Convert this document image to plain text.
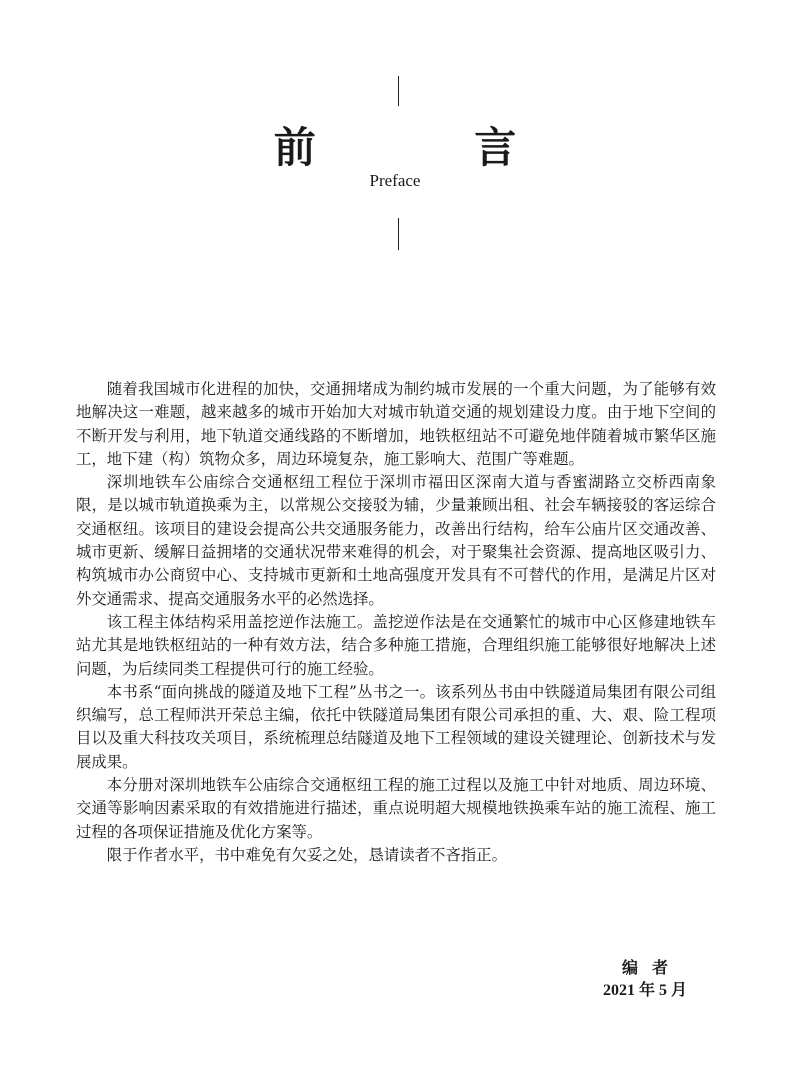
前 言
Preface

随着我国城市化进程的加快，交通拥堵成为制约城市发展的一个重大问题，为了能够有效地解决这一难题，越来越多的城市开始加大对城市轨道交通的规划建设力度。由于地下空间的不断开发与利用，地下轨道交通线路的不断增加，地铁枢纽站不可避免地伴随着城市繁华区施工，地下建（构）筑物众多，周边环境复杂，施工影响大、范围广等难题。

深圳地铁车公庙综合交通枢纽工程位于深圳市福田区深南大道与香蜜湖路立交桥西南象限，是以城市轨道换乘为主，以常规公交接驳为辅，少量兼顾出租、社会车辆接驳的客运综合交通枢纽。该项目的建设会提高公共交通服务能力，改善出行结构，给车公庙片区交通改善、城市更新、缓解日益拥堵的交通状况带来难得的机会，对于聚集社会资源、提高地区吸引力、构筑城市办公商贸中心、支持城市更新和土地高强度开发具有不可替代的作用，是满足片区对外交通需求、提高交通服务水平的必然选择。

该工程主体结构采用盖挖逆作法施工。盖挖逆作法是在交通繁忙的城市中心区修建地铁车站尤其是地铁枢纽站的一种有效方法，结合多种施工措施，合理组织施工能够很好地解决上述问题，为后续同类工程提供可行的施工经验。

本书系“面向挑战的隧道及地下工程”丛书之一。该系列丛书由中铁隧道局集团有限公司组织编写，总工程师洪开荣总主编，依托中铁隧道局集团有限公司承担的重、大、艰、险工程项目以及重大科技攻关项目，系统梳理总结隧道及地下工程领域的建设关键理论、创新技术与发展成果。

本分册对深圳地铁车公庙综合交通枢纽工程的施工过程以及施工中针对地质、周边环境、交通等影响因素采取的有效措施进行描述，重点说明超大规模地铁换乘车站的施工流程、施工过程的各项保证措施及优化方案等。

限于作者水平，书中难免有欠妥之处，恳请读者不吝指正。

编者
2021 年 5 月
